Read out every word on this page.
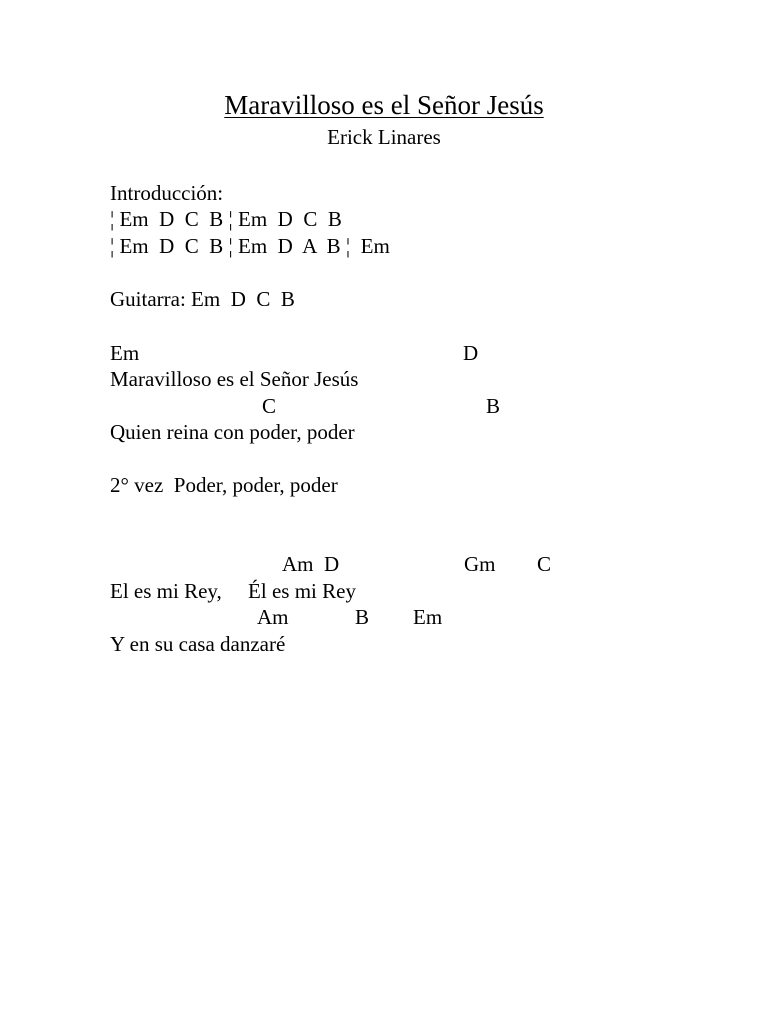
Maravilloso es el Señor Jesús
Erick Linares
Introducción:
¦ Em  D  C  B ¦ Em  D  C  B
¦ Em  D  C  B ¦ Em  D  A  B ¦  Em
Guitarra: Em  D  C  B
Em	D
Maravilloso es el Señor Jesús
C	B
Quien reina con poder, poder
2° vez  Poder, poder, poder
Am  D	Gm C
El es mi Rey,     Él es mi Rey
Am	B Em
Y en su casa danzaré
